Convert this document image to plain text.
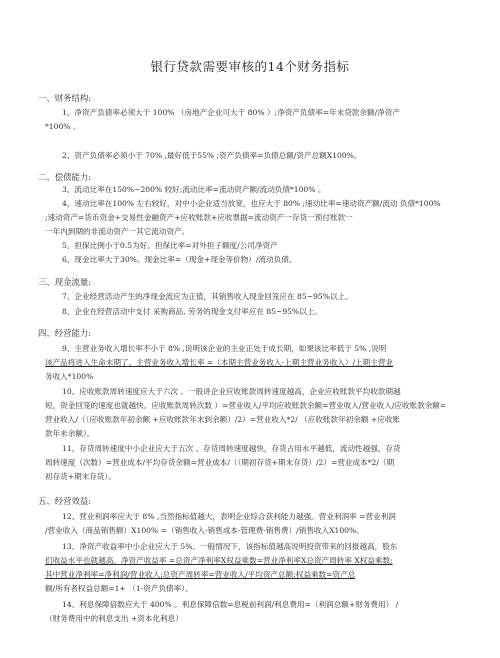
银行贷款需要审核的14个财务指标
一、财务结构:
1、净资产负债率必须大于 100% （房地产企业可大于 80% ）;净资产负债率=年末贷款余额/净资产
*100% 。
2、资产负债率必须小于 70% ,最好低于55% ;资产负债率=负债总额/资产总额X100%。
二、偿债能力:
3、流动比率在150%~200% 较好;流动比率=流动资产额/流动负债*100% 。
4、速动比率在100% 左右较好，对中小企业适当放宽，也应大于 80% ;速动比率=速动资产额/流动 负债*100%
;速动资产=货币资金+交易性金融资产+应收账款+应收票据=流动资产一存货一预付账款一
一年内到期的非流动资产一其它流动资产。
5、担保比例小于0.5为好。担保比率=对外担子额度/公司净资产
6、现金比率大于30%。现金比率=（现金+现金等价物）/流动负债。
三、现金流量:
7、企业经营活动产生的净现金流应为正值，其销售收入现金回笼应在 85~95%以上。
8、企业在经营活动中支付 采购商品, 劳务的现金支付率应在 85~95%以上。
四、经营能力:
9、主营业务收入增长率不小于 8% ,说明该企业的主业正处于成长期，如果该比率低于 5% ,说明
该产品将进入生命末期了。主营业务收入增长率 =（本期主营业务收入-上期主营业务收入）/上期主营业
务收入*100%
10、应收账款周转速度应大于六次 。一般讲企业应收账款周转速度越高，企业应收账款平均收款期越
短，资金回笼的速度也就越快。应收账款周转次数 ）=营业收入/平均应收账款余额=营业收入/营业收入/应收账款余额=
营业收入/（（应收账款年初余额 +应收账款年末到余额）/2）=营业收入*2/ （应收账款年初余额 +应收账
款年末余额）。
11、存货周转速度中小企业应大于五次 。存货周转速度越快，存货占用水平越低，流动性越强，存货
周转速度（次数）=营业成本/平均存货余额=营业成本/（（期初存货+期末存货）/2）=营业成本*2/（期
初存货+期末存货）。
五、经营效益:
12、营业利润率应大于 8% ,当然指标值越大，表明企业综合获利能力越强。营业利润率 =营业利润
/营业收入（商品销售额）X100% =（销售收入-销售成本-管理费-销售费）/销售收入X100%。
13、净资产收益率中小企业应大于 5%。一般情况下，该指标值越高说明投资带来的回报越高，股东
们收益水平也就越高。净资产收益率 =总资产净利率X权益乘数=营业净利率X总资产周转率 X权益乘数;
其中营业净利率=净利润/营业收入;总资产周转率=营业收入/平均资产总额;权益乘数=资产总
额/所有者权益总额=1+ （1-资产负债率）。
14、利息保障倍数应大于 400% 。利息保障倍数=息税前利润/利息费用=（利润总额+财务费用） /
（财务费用中的利息支出 +资本化利息）
